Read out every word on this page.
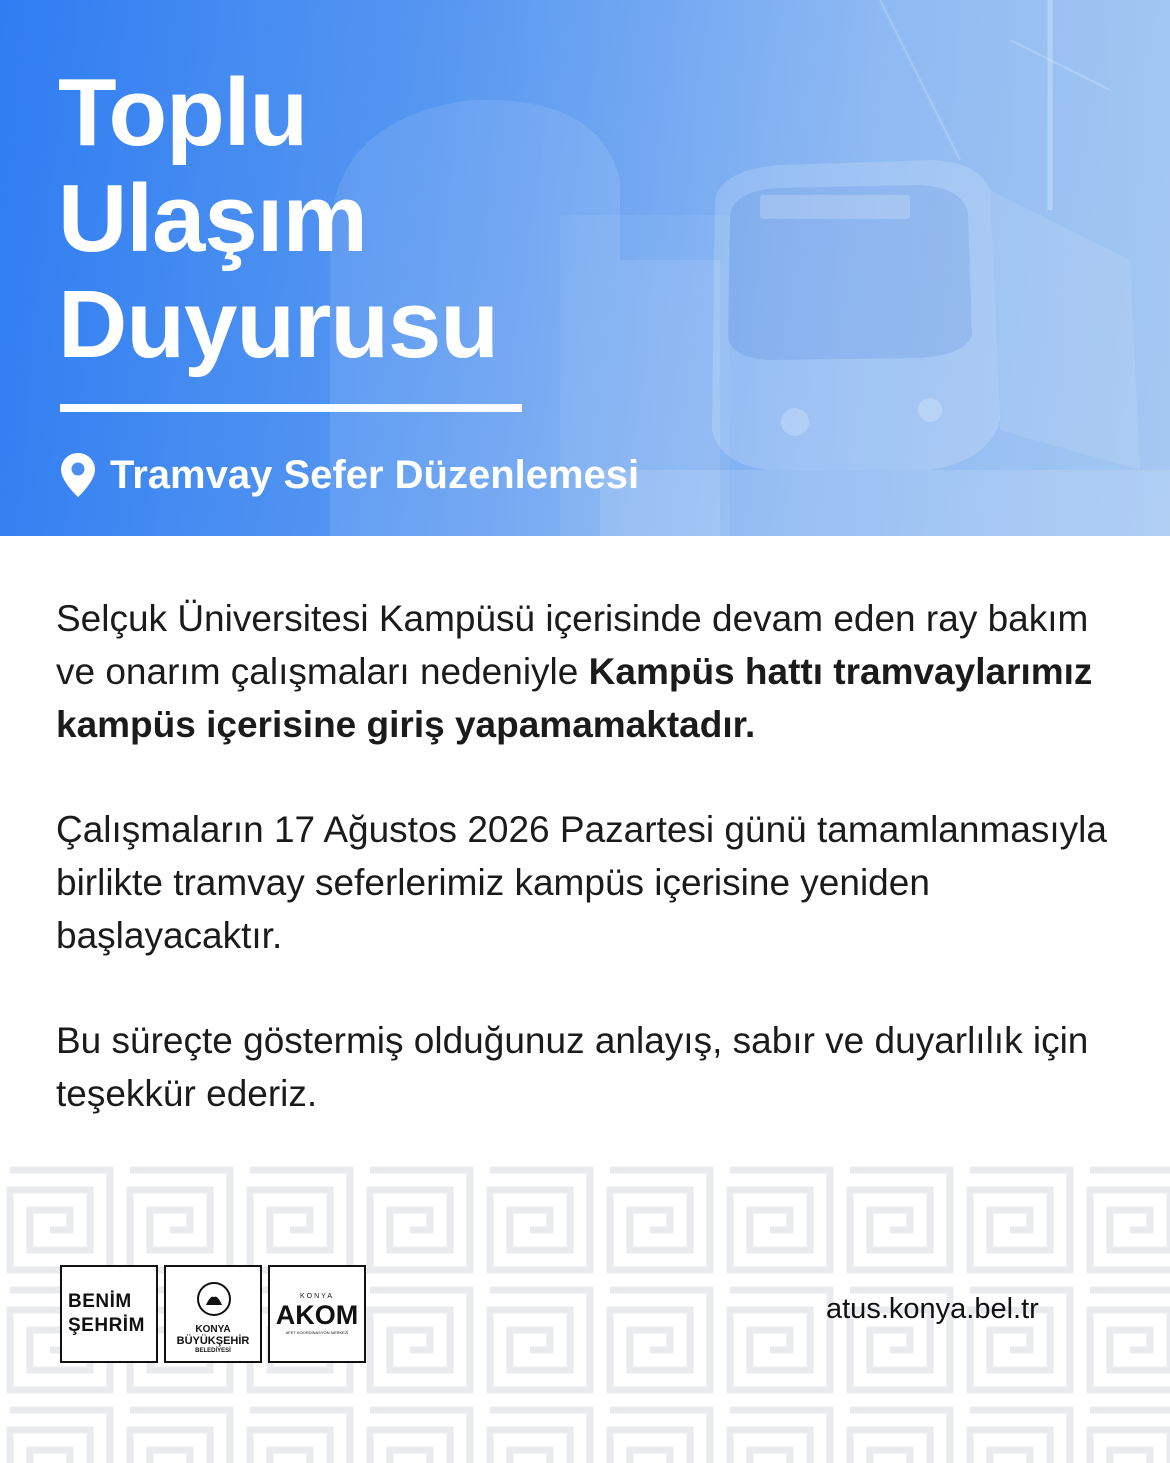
Toplu
Ulaşım
Duyurusu
Tramvay Sefer Düzenlemesi

Selçuk Üniversitesi Kampüsü içerisinde devam eden ray bakım ve onarım çalışmaları nedeniyle Kampüs hattı tramvaylarımız kampüs içerisine giriş yapamamaktadır.

Çalışmaların 17 Ağustos 2026 Pazartesi günü tamamlanmasıyla birlikte tramvay seferlerimiz kampüs içerisine yeniden başlayacaktır.

Bu süreçte göstermiş olduğunuz anlayış, sabır ve duyarlılık için teşekkür ederiz.

BENİM
ŞEHRİM	KONYA
BÜYÜKŞEHİR
BELEDİYESİ
KONYA
AKOM
AFET KOORDİNASYON MERKEZİ
atus.konya.bel.tr
